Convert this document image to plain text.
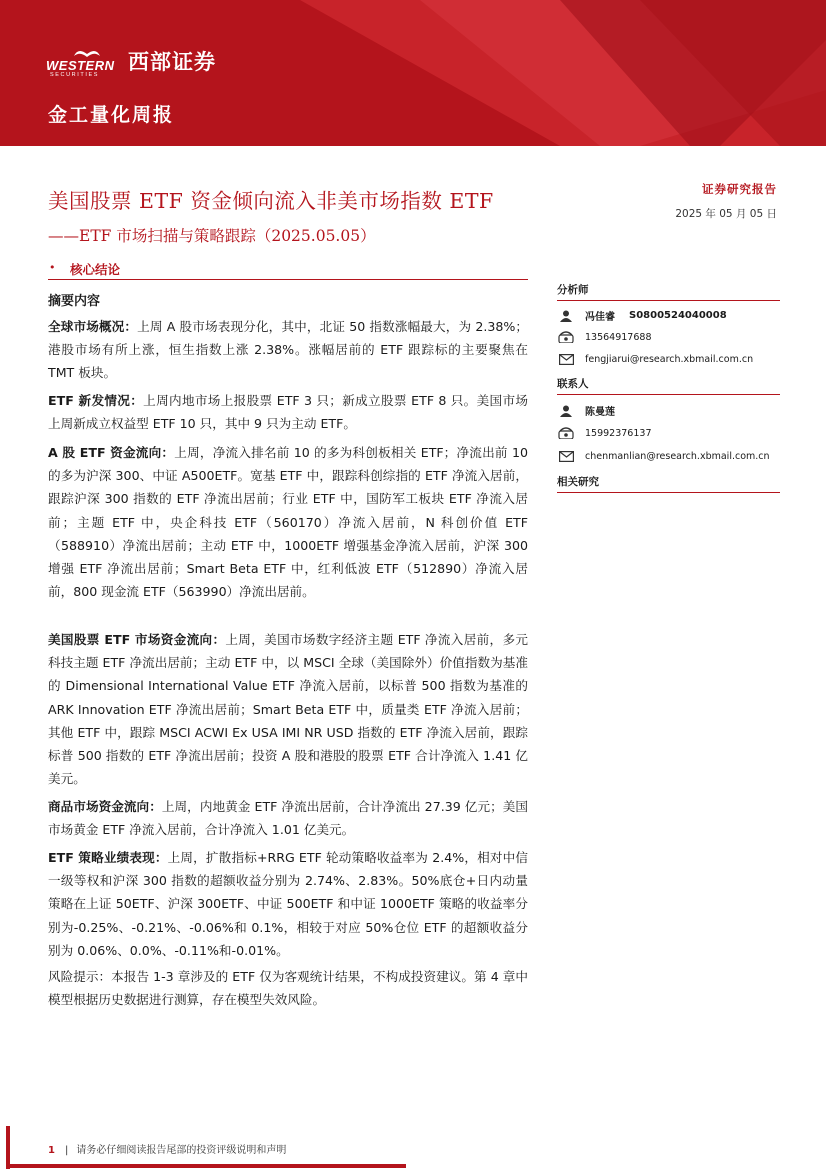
WESTERN
SECURITIES
西部证券
金工量化周报
美国股票 ETF 资金倾向流入非美市场指数 ETF
——ETF 市场扫描与策略跟踪（2025.05.05）
证券研究报告
2025 年 05 月 05 日
• 核心结论
摘要内容
全球市场概况：上周 A 股市场表现分化，其中，北证 50 指数涨幅最大，为 2.38%；港股市场有所上涨，恒生指数上涨 2.38%。涨幅居前的 ETF 跟踪标的主要聚焦在 TMT 板块。
ETF 新发情况：上周内地市场上报股票 ETF 3 只；新成立股票 ETF 8 只。美国市场上周新成立权益型 ETF 10 只，其中 9 只为主动 ETF。
A 股 ETF 资金流向：上周，净流入排名前 10 的多为科创板相关 ETF；净流出前 10 的多为沪深 300、中证 A500ETF。宽基 ETF 中，跟踪科创综指的 ETF 净流入居前，跟踪沪深 300 指数的 ETF 净流出居前；行业 ETF 中，国防军工板块 ETF 净流入居前；主题 ETF 中，央企科技 ETF（560170）净流入居前，N 科创价值 ETF（588910）净流出居前；主动 ETF 中，1000ETF 增强基金净流入居前，沪深 300 增强 ETF 净流出居前；Smart Beta ETF 中，红利低波 ETF（512890）净流入居前，800 现金流 ETF（563990）净流出居前。
美国股票 ETF 市场资金流向：上周，美国市场数字经济主题 ETF 净流入居前，多元科技主题 ETF 净流出居前；主动 ETF 中，以 MSCI 全球（美国除外）价值指数为基准的 Dimensional International Value ETF 净流入居前，以标普 500 指数为基准的 ARK Innovation ETF 净流出居前；Smart Beta ETF 中，质量类 ETF 净流入居前；其他 ETF 中，跟踪 MSCI ACWI Ex USA IMI NR USD 指数的 ETF 净流入居前，跟踪标普 500 指数的 ETF 净流出居前；投资 A 股和港股的股票 ETF 合计净流入 1.41 亿美元。
商品市场资金流向：上周，内地黄金 ETF 净流出居前，合计净流出 27.39 亿元；美国市场黄金 ETF 净流入居前，合计净流入 1.01 亿美元。
ETF 策略业绩表现：上周，扩散指标+RRG ETF 轮动策略收益率为 2.4%，相对中信一级等权和沪深 300 指数的超额收益分别为 2.74%、2.83%。50%底仓+日内动量策略在上证 50ETF、沪深 300ETF、中证 500ETF 和中证 1000ETF 策略的收益率分别为-0.25%、-0.21%、-0.06%和 0.1%，相较于对应 50%仓位 ETF 的超额收益分别为 0.06%、0.0%、-0.11%和-0.01%。
风险提示：本报告 1-3 章涉及的 ETF 仅为客观统计结果，不构成投资建议。第 4 章中模型根据历史数据进行测算，存在模型失效风险。
分析师
冯佳睿 S0800524040008
13564917688
fengjiarui@research.xbmail.com.cn
联系人
陈曼莲
15992376137
chenmanlian@research.xbmail.com.cn
相关研究
1 | 请务必仔细阅读报告尾部的投资评级说明和声明
